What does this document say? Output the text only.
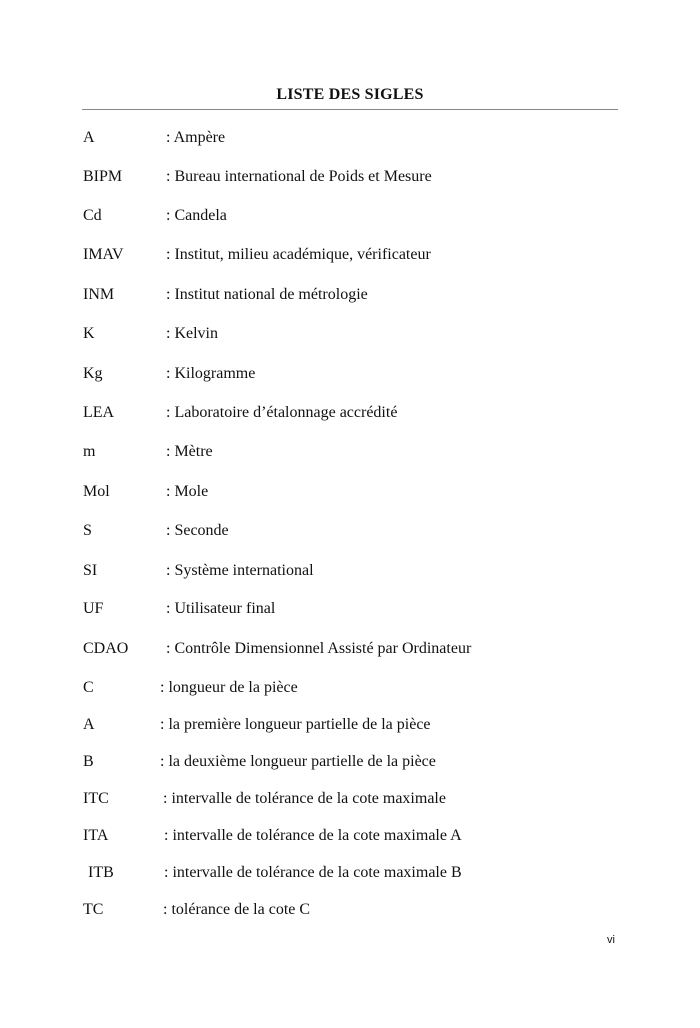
LISTE DES SIGLES
A	: Ampère
BIPM	: Bureau international de Poids et Mesure
Cd	: Candela
IMAV	: Institut, milieu académique, vérificateur
INM	: Institut national de métrologie
K	: Kelvin
Kg	: Kilogramme
LEA	: Laboratoire d’étalonnage accrédité
m	: Mètre
Mol	: Mole
S	: Seconde
SI	: Système international
UF	: Utilisateur final
CDAO : Contrôle Dimensionnel Assisté par Ordinateur
C	: longueur de la pièce
A	: la première longueur partielle de la pièce
B	: la deuxième longueur partielle de la pièce
ITC	: intervalle de tolérance de la cote maximale
ITA	: intervalle de tolérance de la cote maximale A
ITB	: intervalle de tolérance de la cote maximale B
TC	: tolérance de la cote C
vi
